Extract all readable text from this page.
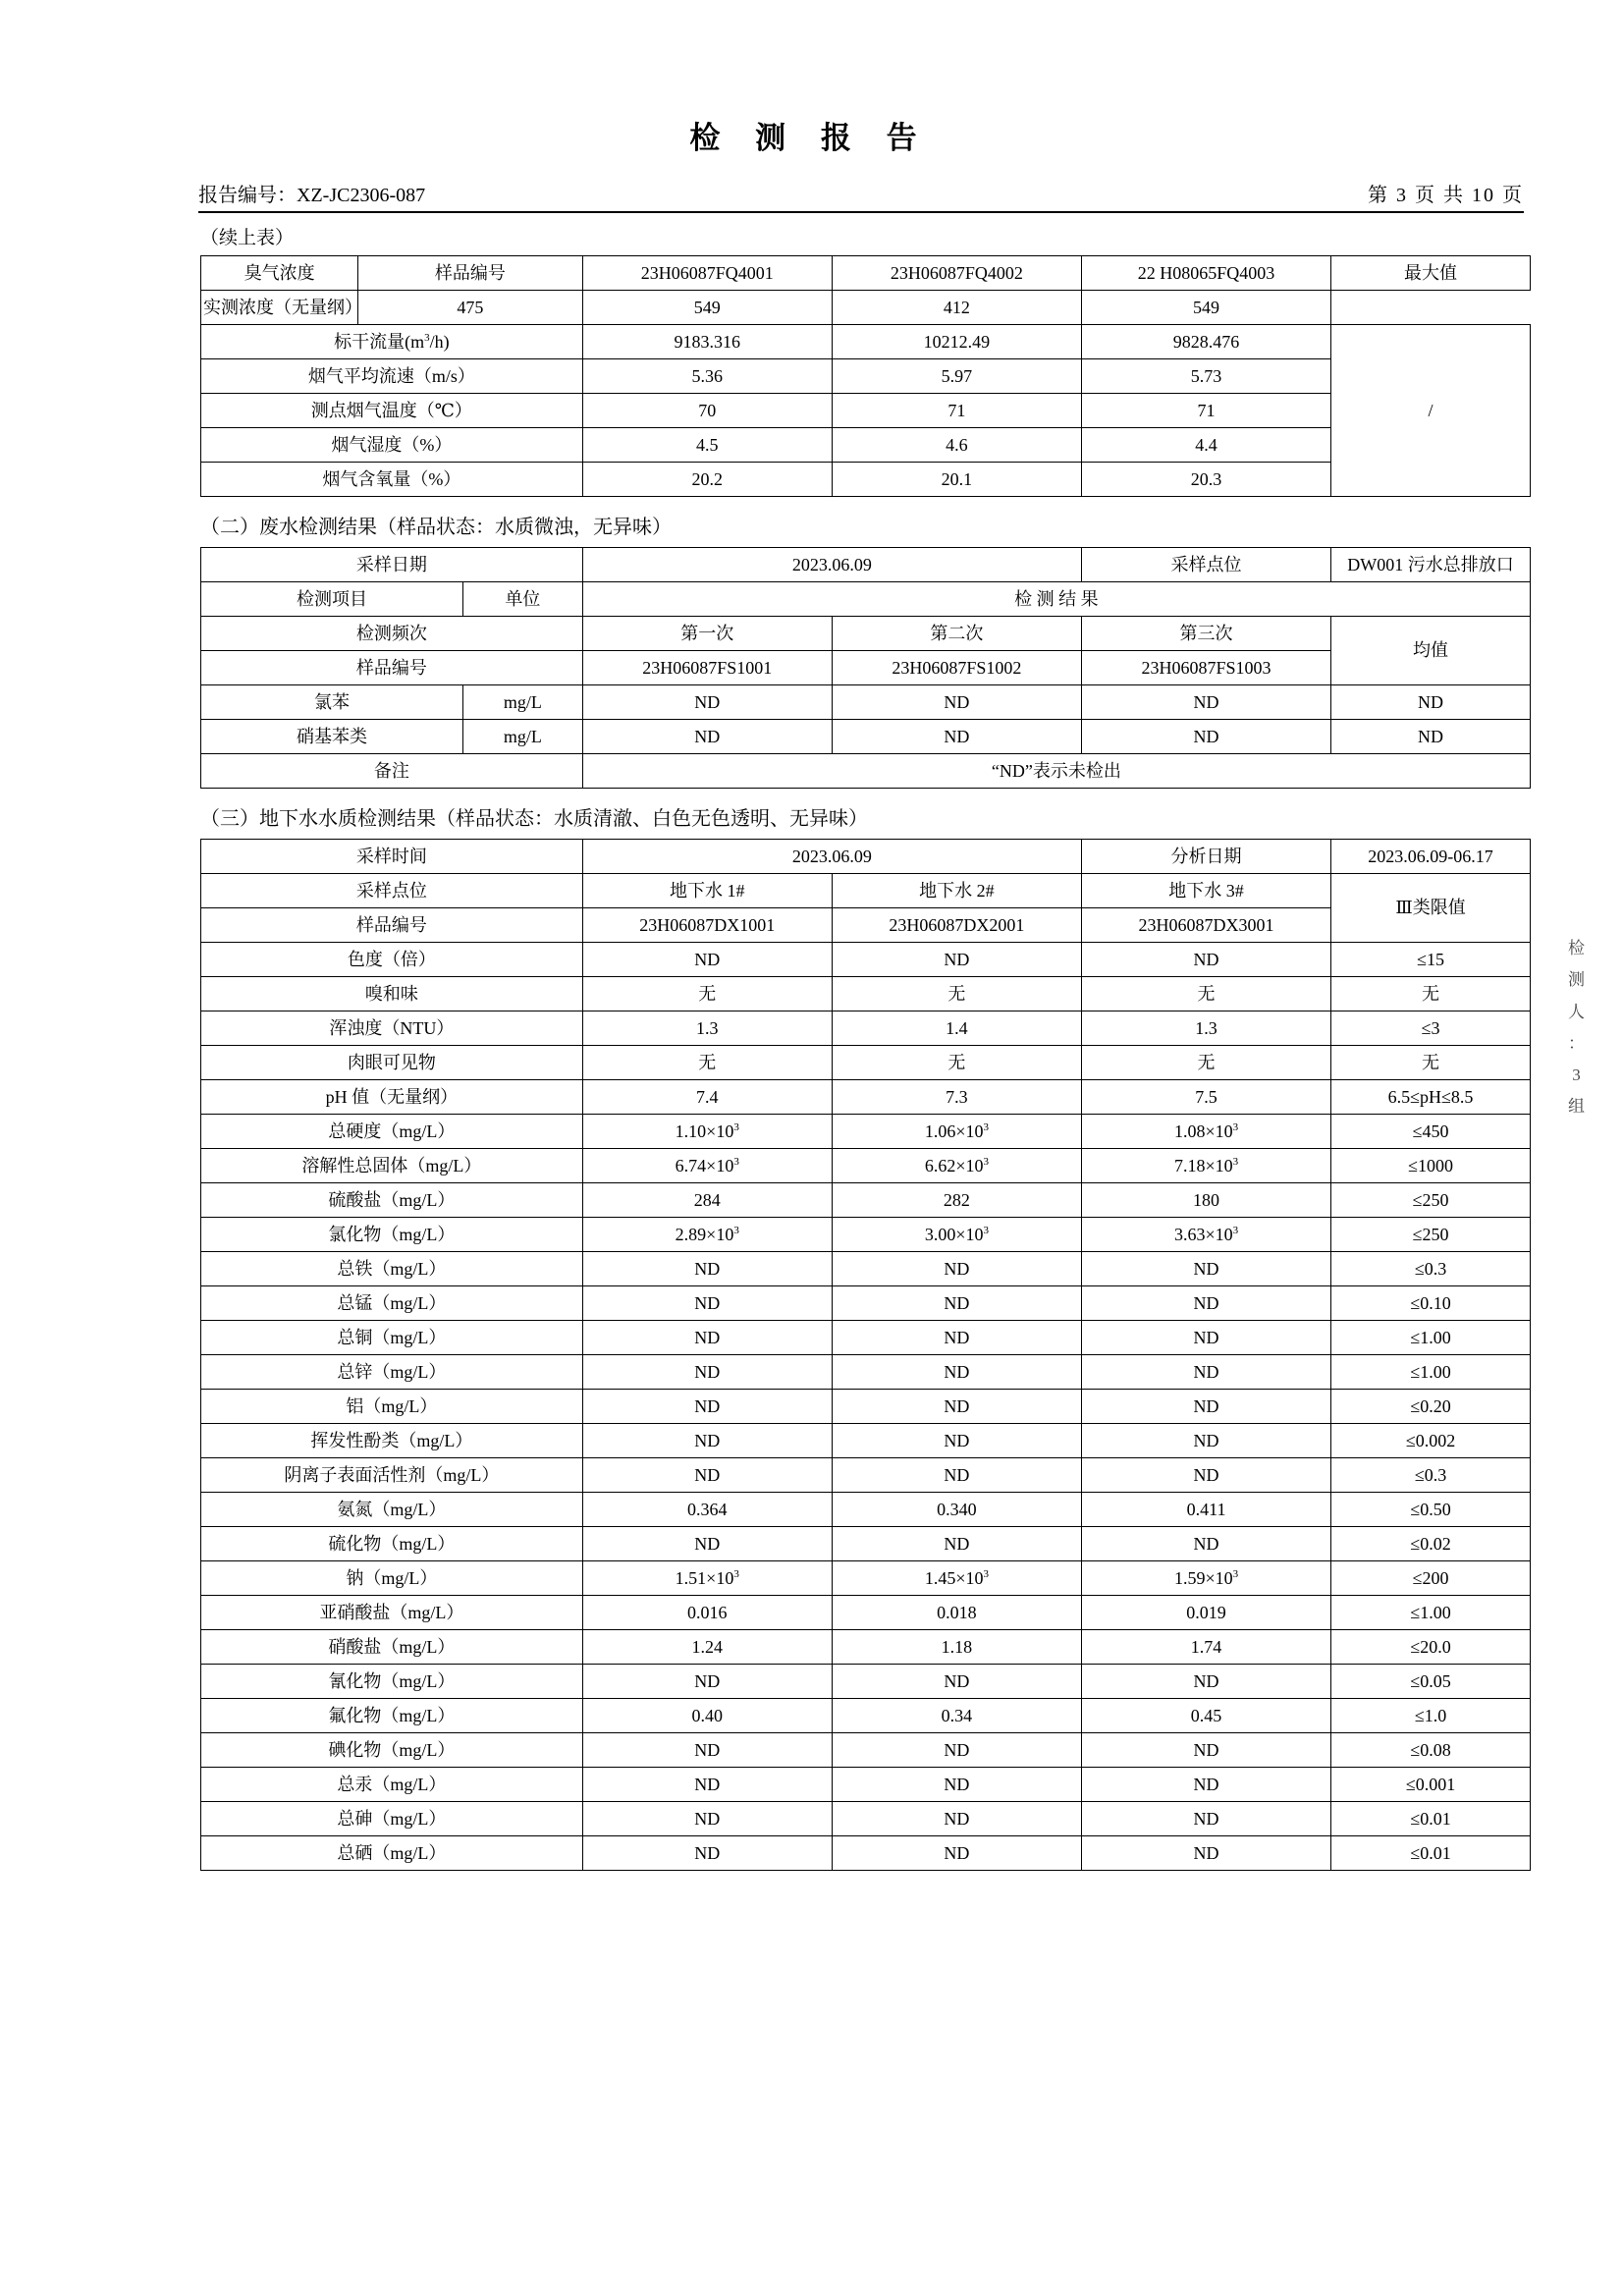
检 测 报 告
报告编号：XZ-JC2306-087	第 3 页 共 10 页
（续上表）
臭气浓度	样品编号	23H06087FQ4001	23H06087FQ4002	22 H08065FQ4003	最大值
实测浓度（无量纲）	475	549	412	549	
标干流量$(m^3/h)$		9183.316	10212.49	9828.476	/
烟气平均流速（m/s）		5.36	5.97	5.73	
测点烟气温度（℃）		70	71	71	
烟气湿度（%）		4.5	4.6	4.4	
烟气含氧量（%）		20.2	20.1	20.3	
（二）废水检测结果（样品状态：水质微浊，无异味）
采样日期		2023.06.09		采样点位	DW001 污水总排放口
检测项目	单位	检 测 结 果			
检测频次		第一次	第二次	第三次	均值
样品编号		23H06087FS1001	23H06087FS1002	23H06087FS1003	
氯苯	mg/L	ND	ND	ND	ND
硝基苯类	mg/L	ND	ND	ND	ND
备注		“ND”表示未检出			
（三）地下水水质检测结果（样品状态：水质清澈、白色无色透明、无异味）
采样时间	2023.06.09		分析日期	2023.06.09-06.17
采样点位	地下水 1#	地下水 2#	地下水 3#	Ⅲ类限值
样品编号	23H06087DX1001	23H06087DX2001	23H06087DX3001	
色度（倍）	ND	ND	ND	≤15
嗅和味	无	无	无	无
浑浊度（NTU）	1.3	1.4	1.3	≤3
肉眼可见物	无	无	无	无
pH 值（无量纲）	7.4	7.3	7.5	6.5≤pH≤8.5
总硬度（mg/L）	$1.10\times 10^3$	$1.06\times 10^3$	$1.08\times 10^3$	≤450
溶解性总固体（mg/L）	$6.74\times 10^3$	$6.62\times 10^3$	$7.18\times 10^3$	≤1000
硫酸盐（mg/L）	284	282	180	≤250
氯化物（mg/L）	$2.89\times 10^3$	$3.00\times 10^3$	$3.63\times 10^3$	≤250
总铁（mg/L）	ND	ND	ND	≤0.3
总锰（mg/L）	ND	ND	ND	≤0.10
总铜（mg/L）	ND	ND	ND	≤1.00
总锌（mg/L）	ND	ND	ND	≤1.00
铝（mg/L）	ND	ND	ND	≤0.20
挥发性酚类（mg/L）	ND	ND	ND	≤0.002
阴离子表面活性剂（mg/L）	ND	ND	ND	≤0.3
氨氮（mg/L）	0.364	0.340	0.411	≤0.50
硫化物（mg/L）	ND	ND	ND	≤0.02
钠（mg/L）	$1.51\times 10^3$	$1.45\times 10^3$	$1.59\times 10^3$	≤200
亚硝酸盐（mg/L）	0.016	0.018	0.019	≤1.00
硝酸盐（mg/L）	1.24	1.18	1.74	≤20.0
氰化物（mg/L）	ND	ND	ND	≤0.05
氟化物（mg/L）	0.40	0.34	0.45	≤1.0
碘化物（mg/L）	ND	ND	ND	≤0.08
总汞（mg/L）	ND	ND	ND	≤0.001
总砷（mg/L）	ND	ND	ND	≤0.01
总硒（mg/L）	ND	ND	ND	≤0.01
检
测
人
：
3
组
